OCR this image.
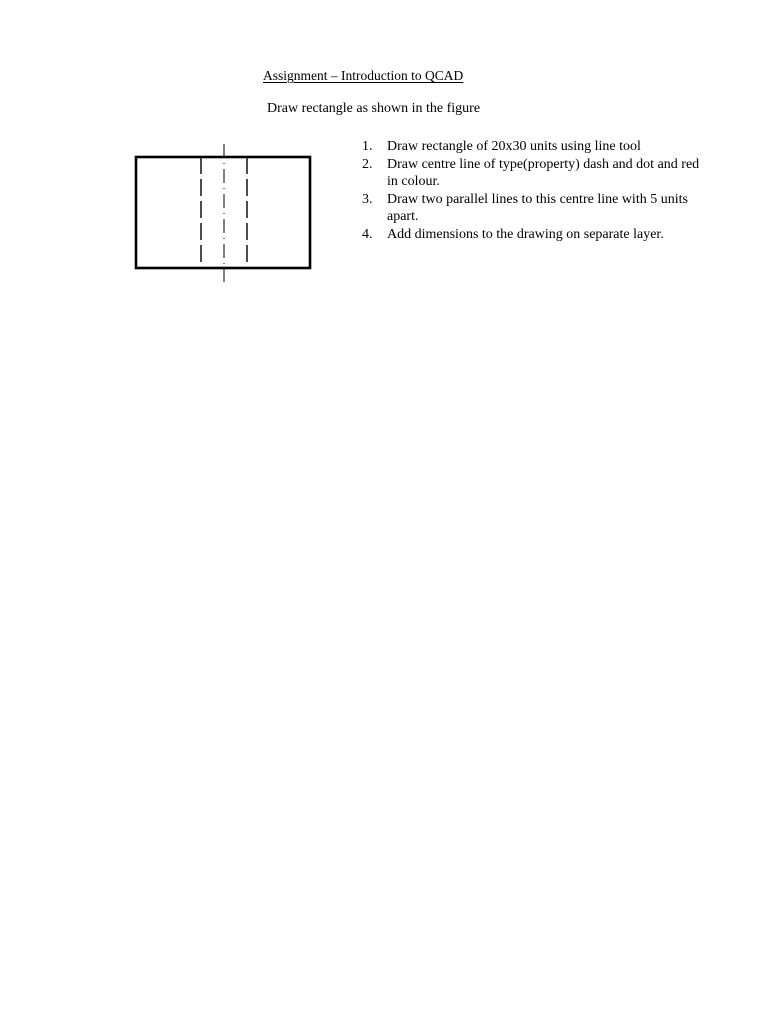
Assignment – Introduction to QCAD
Draw rectangle as shown in the figure
1. Draw rectangle of 20x30 units using line tool
2. Draw centre line of type(property) dash and dot and red in colour.
3. Draw two parallel lines to this centre line with 5 units apart.
4. Add dimensions to the drawing on separate layer.
